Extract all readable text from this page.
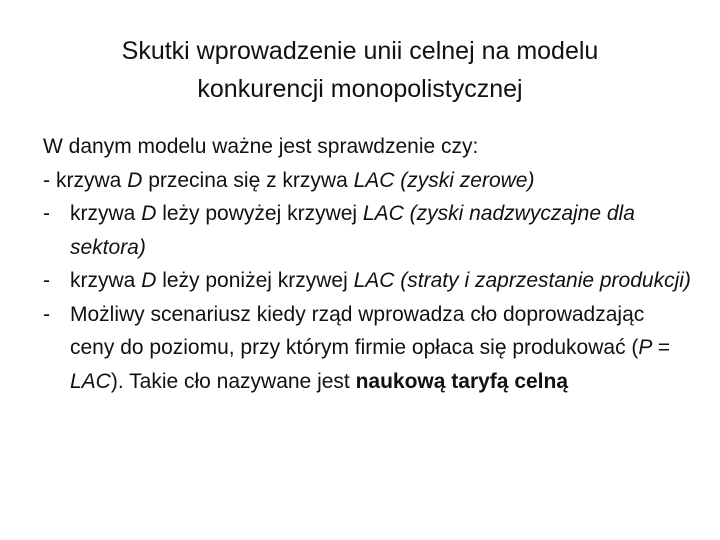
Skutki wprowadzenie unii celnej na modelu
konkurencji monopolistycznej

W danym modelu ważne jest sprawdzenie czy:

- krzywa D przecina się z krzywa LAC (zyski zerowe)
- krzywa D leży powyżej krzywej LAC (zyski nadzwyczajne dla sektora)
- krzywa D leży poniżej krzywej LAC (straty i zaprzestanie produkcji)
- Możliwy scenariusz kiedy rząd wprowadza cło doprowadzając ceny do poziomu, przy którym firmie opłaca się produkować (P = LAC). Takie cło nazywane jest naukową taryfą celną
